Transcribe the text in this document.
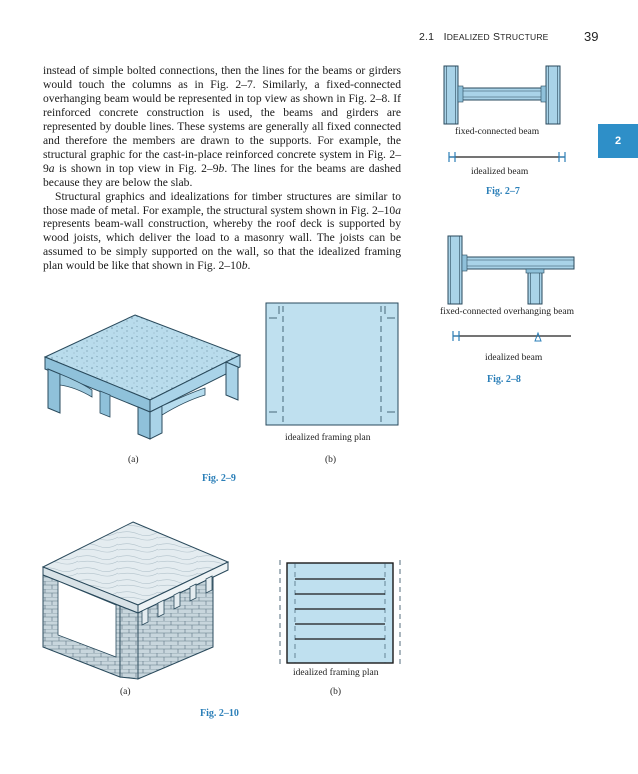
2.1 IDEALIZED STRUCTURE	39
2

instead of simple bolted connections, then the lines for the beams or girders would touch the columns as in Fig. 2–7. Similarly, a fixed-connected overhanging beam would be represented in top view as shown in Fig. 2–8. If reinforced concrete construction is used, the beams and girders are represented by double lines. These systems are generally all fixed connected and therefore the members are drawn to the supports. For example, the structural graphic for the cast-in-place reinforced concrete system in Fig. 2–9a is shown in top view in Fig. 2–9b. The lines for the beams are dashed because they are below the slab.

Structural graphics and idealizations for timber structures are similar to those made of metal. For example, the structural system shown in Fig. 2–10a represents beam-wall construction, whereby the roof deck is supported by wood joists, which deliver the load to a masonry wall. The joists can be assumed to be simply supported on the wall, so that the idealized framing plan would be like that shown in Fig. 2–10b.

fixed-connected beam
idealized beam
Fig. 2–7
fixed-connected overhanging beam
idealized beam
Fig. 2–8
idealized framing plan
(a)	(b)
Fig. 2–9
idealized framing plan
(a)	(b)
Fig. 2–10
